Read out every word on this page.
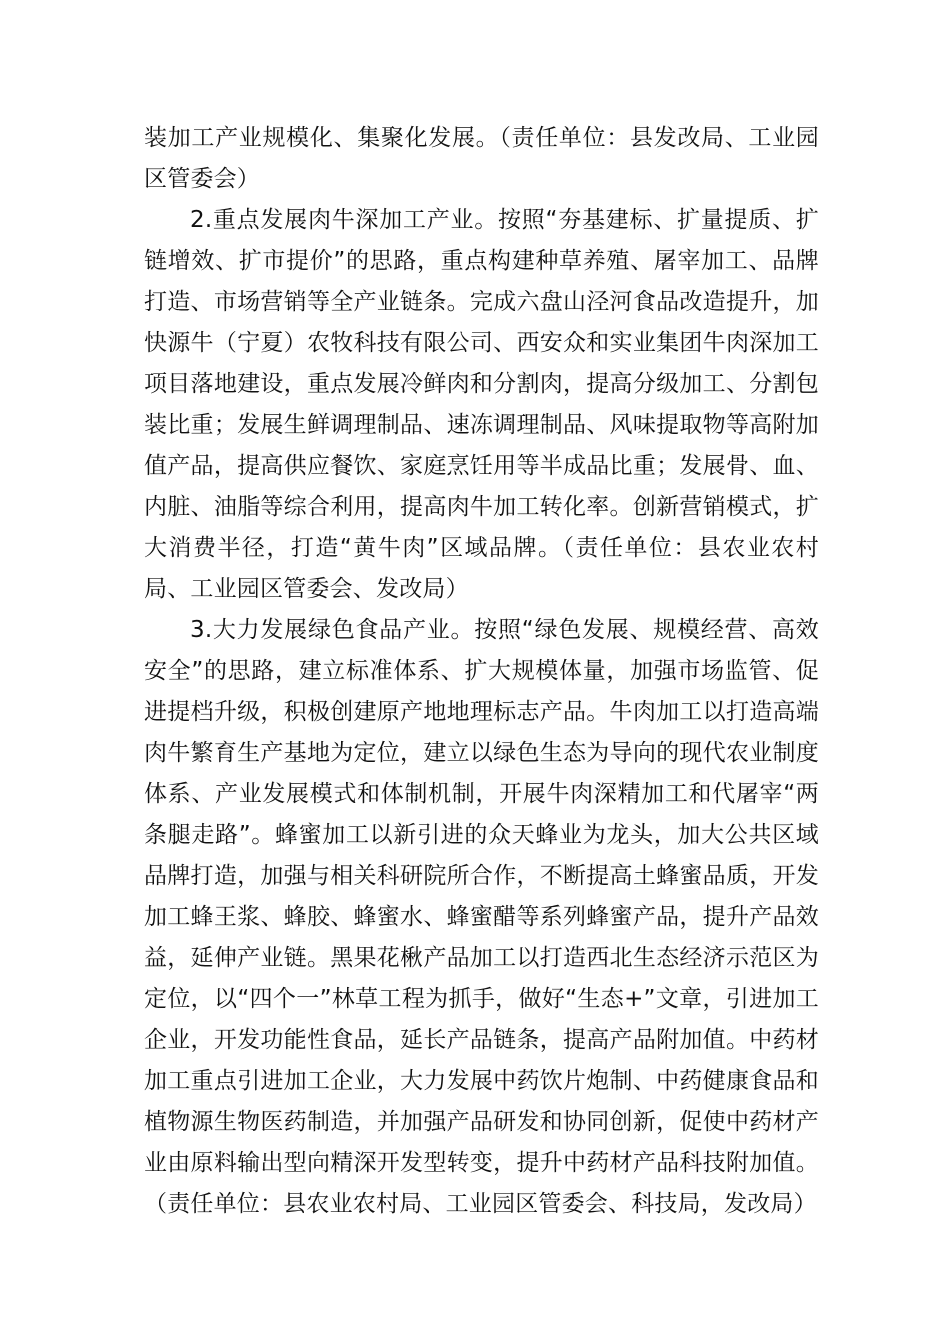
装加工产业规模化、集聚化发展。（责任单位：县发改局、工业园区管委会）

2.重点发展肉牛深加工产业。按照“夯基建标、扩量提质、扩链增效、扩市提价”的思路，重点构建种草养殖、屠宰加工、品牌打造、市场营销等全产业链条。完成六盘山泾河食品改造提升，加快源牛（宁夏）农牧科技有限公司、西安众和实业集团牛肉深加工项目落地建设，重点发展冷鲜肉和分割肉，提高分级加工、分割包装比重；发展生鲜调理制品、速冻调理制品、风味提取物等高附加值产品，提高供应餐饮、家庭烹饪用等半成品比重；发展骨、血、内脏、油脂等综合利用，提高肉牛加工转化率。创新营销模式，扩大消费半径，打造“黄牛肉”区域品牌。（责任单位：县农业农村局、工业园区管委会、发改局）

3.大力发展绿色食品产业。按照“绿色发展、规模经营、高效安全”的思路，建立标准体系、扩大规模体量，加强市场监管、促进提档升级，积极创建原产地地理标志产品。牛肉加工以打造高端肉牛繁育生产基地为定位，建立以绿色生态为导向的现代农业制度体系、产业发展模式和体制机制，开展牛肉深精加工和代屠宰“两条腿走路”。蜂蜜加工以新引进的众天蜂业为龙头，加大公共区域品牌打造，加强与相关科研院所合作，不断提高土蜂蜜品质，开发加工蜂王浆、蜂胶、蜂蜜水、蜂蜜醋等系列蜂蜜产品，提升产品效益，延伸产业链。黑果花楸产品加工以打造西北生态经济示范区为定位，以“四个一”林草工程为抓手，做好“生态+”文章，引进加工企业，开发功能性食品，延长产品链条，提高产品附加值。中药材加工重点引进加工企业，大力发展中药饮片炮制、中药健康食品和植物源生物医药制造，并加强产品研发和协同创新，促使中药材产业由原料输出型向精深开发型转变，提升中药材产品科技附加值。（责任单位：县农业农村局、工业园区管委会、科技局，发改局）
